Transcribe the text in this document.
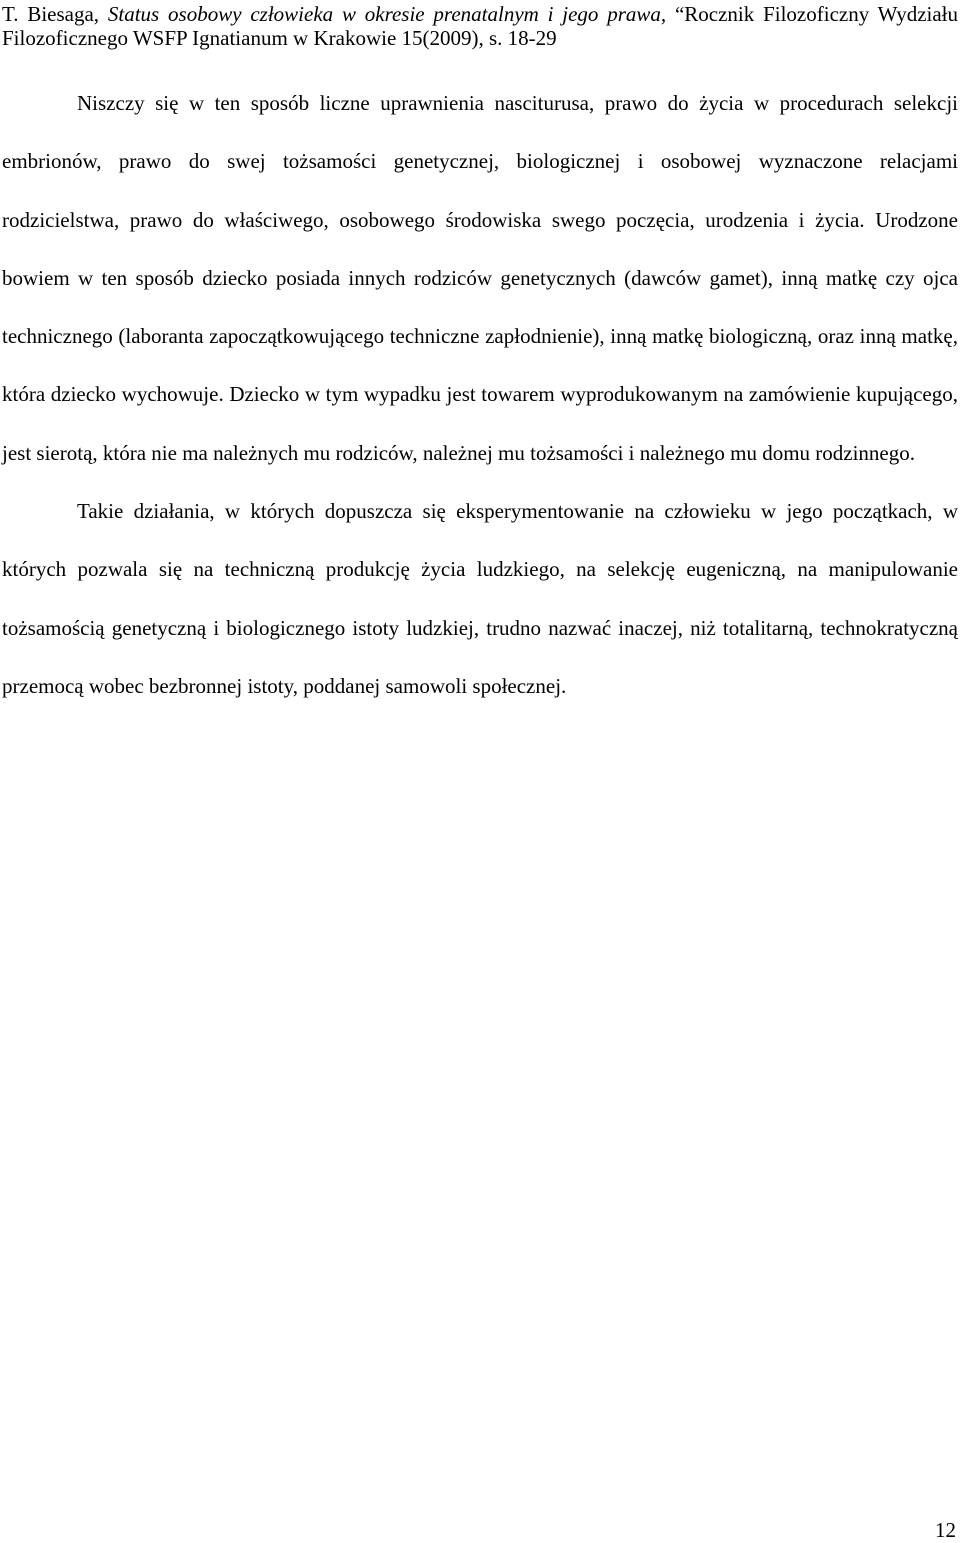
T. Biesaga, Status osobowy człowieka w okresie prenatalnym i jego prawa, “Rocznik Filozoficzny Wydziału Filozoficznego WSFP Ignatianum w Krakowie 15(2009), s. 18-29

Niszczy się w ten sposób liczne uprawnienia nasciturusa, prawo do życia w procedurach selekcji embrionów, prawo do swej tożsamości genetycznej, biologicznej i osobowej wyznaczone relacjami rodzicielstwa, prawo do właściwego, osobowego środowiska swego poczęcia, urodzenia i życia. Urodzone bowiem w ten sposób dziecko posiada innych rodziców genetycznych (dawców gamet), inną matkę czy ojca technicznego (laboranta zapoczątkowującego techniczne zapłodnienie), inną matkę biologiczną, oraz inną matkę, która dziecko wychowuje. Dziecko w tym wypadku jest towarem wyprodukowanym na zamówienie kupującego, jest sierotą, która nie ma należnych mu rodziców, należnej mu tożsamości i należnego mu domu rodzinnego.

Takie działania, w których dopuszcza się eksperymentowanie na człowieku w jego początkach, w których pozwala się na techniczną produkcję życia ludzkiego, na selekcję eugeniczną, na manipulowanie tożsamością genetyczną i biologicznego istoty ludzkiej, trudno nazwać inaczej, niż totalitarną, technokratyczną przemocą wobec bezbronnej istoty, poddanej samowoli społecznej.

12
